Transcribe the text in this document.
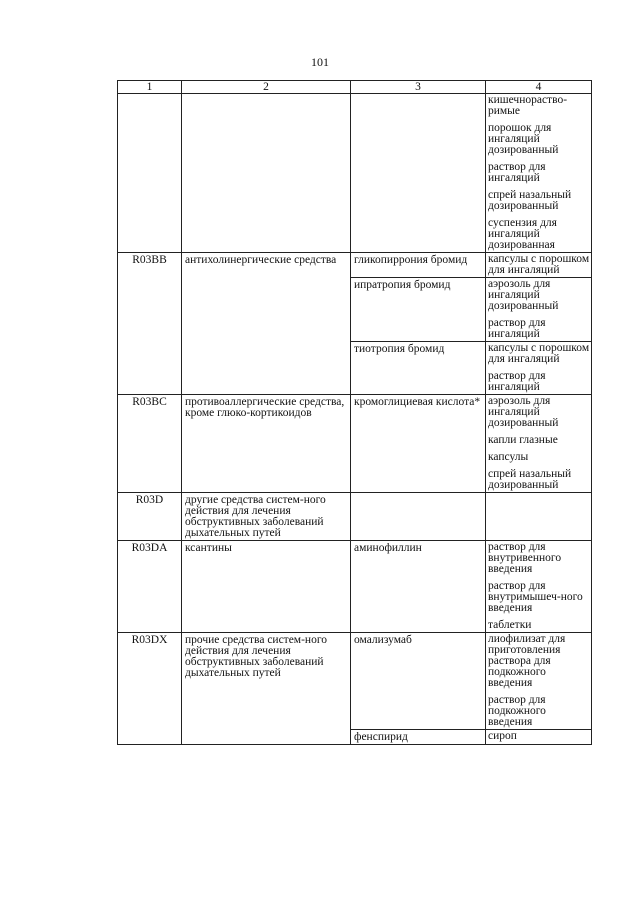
101
1	2	3	4

			кишечнораство-римые
порошок для ингаляций дозированный
раствор для ингаляций
спрей назальный дозированный
суспензия для ингаляций дозированная

R03BB	антихолинергические средства	гликопиррония бромид	капсулы с порошком для ингаляций

		ипратропия бромид	аэрозоль для ингаляций дозированный
раствор для ингаляций

		тиотропия бромид	капсулы с порошком для ингаляций
раствор для ингаляций

R03BC	противоаллергические средства, кроме глюко-кортикоидов	кромоглициевая кислота*	аэрозоль для ингаляций дозированный
капли глазные
капсулы
спрей назальный дозированный

R03D	другие средства систем-ного действия для лечения обструктивных заболеваний дыхательных путей		

R03DA	ксантины	аминофиллин	раствор для внутривенного введения
раствор для внутримышеч-ного введения
таблетки

R03DX	прочие средства систем-ного действия для лечения обструктивных заболеваний дыхательных путей	омализумаб	лиофилизат для приготовления раствора для подкожного введения
раствор для подкожного введения

		фенспирид	сироп
